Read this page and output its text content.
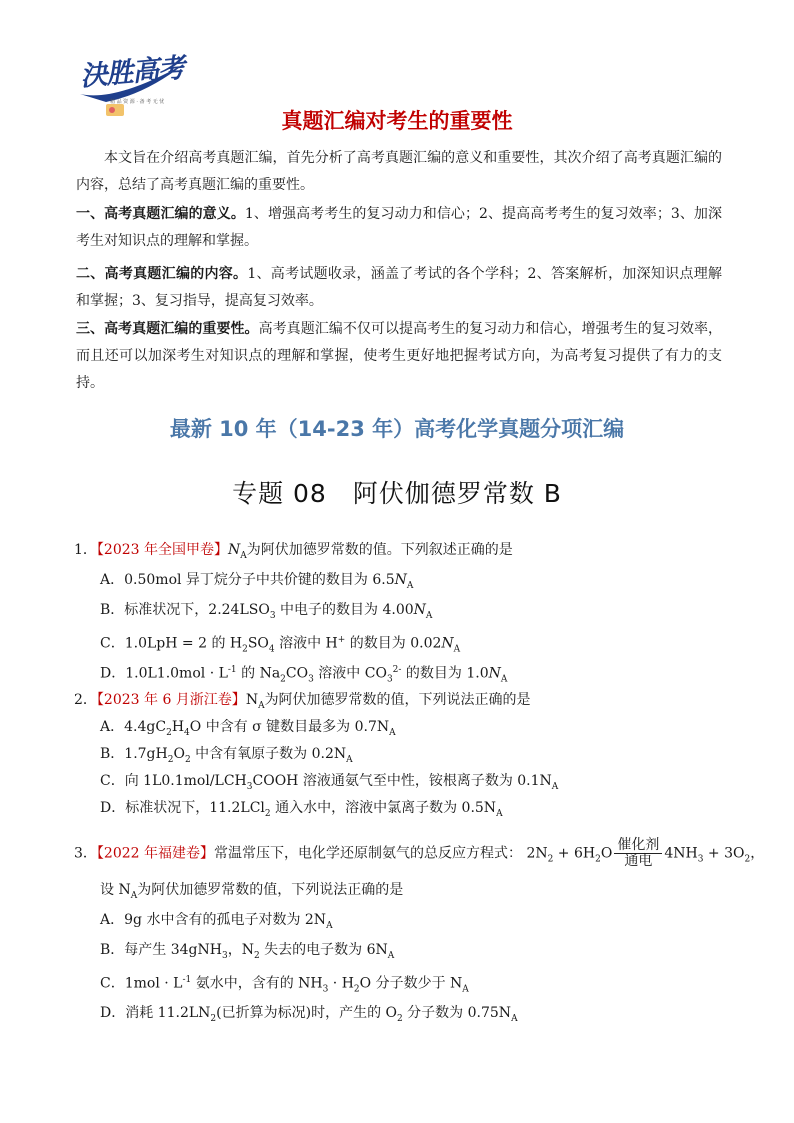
決胜高考
精 品 资 源 · 备 考 无 忧
真题汇编对考生的重要性
本文旨在介绍高考真题汇编，首先分析了高考真题汇编的意义和重要性，其次介绍了高考真题汇编的内容，总结了高考真题汇编的重要性。
一、高考真题汇编的意义。1、增强高考考生的复习动力和信心；2、提高高考考生的复习效率；3、加深考生对知识点的理解和掌握。
二、高考真题汇编的内容。1、高考试题收录，涵盖了考试的各个学科；2、答案解析，加深知识点理解和掌握；3、复习指导，提高复习效率。
三、高考真题汇编的重要性。高考真题汇编不仅可以提高考生的复习动力和信心，增强考生的复习效率，而且还可以加深考生对知识点的理解和掌握，使考生更好地把握考试方向，为高考复习提供了有力的支持。
最新 10 年（14-23 年）高考化学真题分项汇编
专题 08　阿伏伽德罗常数 B
1．【2023 年全国甲卷】$N_A$为阿伏加德罗常数的值。下列叙述正确的是
A．0.50mol 异丁烷分子中共价键的数目为 $6.5N_A$
B．标准状况下，$2.24LSO_3$ 中电子的数目为 $4.00N_A$
C．1.0LpH = 2 的 $H_2SO_4$ 溶液中 H+ 的数目为 $0.02N_A$
D．$1.0L1.0mol \cdot L^{-1}$ 的 $Na_2CO_3$ 溶液中 $CO_3^{2-}$ 的数目为 $1.0N_A$
2．【2023 年 6 月浙江卷】$N_A$为阿伏加德罗常数的值，下列说法正确的是
A．$4.4gC_2H_4O$ 中含有 σ 键数目最多为 $0.7N_A$
B．$1.7gH_2O_2$ 中含有氧原子数为 $0.2N_A$
C．向 $1L0.1mol/LCH_3COOH$ 溶液通氨气至中性，铵根离子数为 $0.1N_A$
D．标准状况下，11.2LCl$_2$ 通入水中，溶液中氯离子数为 $0.5N_A$
3．【2022 年福建卷】常温常压下，电化学还原制氨气的总反应方程式： $2N_2 + 6H_2O \frac{\text{催化剂}}{\text{通电}} 4NH_3 + 3O_2$，
设 $N_A$为阿伏加德罗常数的值，下列说法正确的是
A．9g 水中含有的孤电子对数为 $2N_A$
B．每产生 34gNH$_3$，$N_2$ 失去的电子数为 $6N_A$
C．$1mol \cdot L^{-1}$ 氨水中，含有的 $NH_3 \cdot H_2O$ 分子数少于 $N_A$
D．消耗 $11.2LN_2$(已折算为标况)时，产生的 $O_2$ 分子数为 $0.75N_A$
